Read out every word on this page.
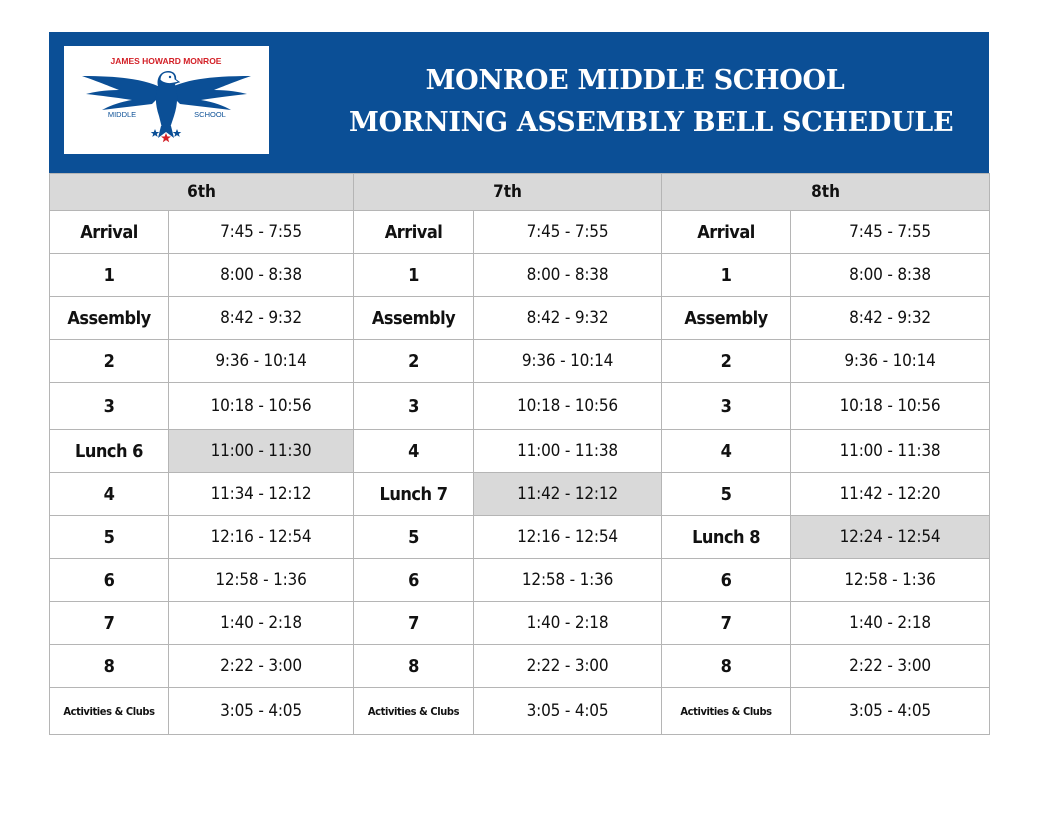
JAMES HOWARD MONROE
MIDDLE	SCHOOL
MONROE MIDDLE SCHOOL
MORNING ASSEMBLY BELL SCHEDULE
6th		7th		8th	
Arrival	7:45 - 7:55	Arrival	7:45 - 7:55	Arrival	7:45 - 7:55
1	8:00 - 8:38	1	8:00 - 8:38	1	8:00 - 8:38
Assembly	8:42 - 9:32	Assembly	8:42 - 9:32	Assembly	8:42 - 9:32
2	9:36 - 10:14	2	9:36 - 10:14	2	9:36 - 10:14
3	10:18 - 10:56	3	10:18 - 10:56	3	10:18 - 10:56
Lunch 6	11:00 - 11:30	4	11:00 - 11:38	4	11:00 - 11:38
4	11:34 - 12:12	Lunch 7	11:42 - 12:12	5	11:42 - 12:20
5	12:16 - 12:54	5	12:16 - 12:54	Lunch 8	12:24 - 12:54
6	12:58 - 1:36	6	12:58 - 1:36	6	12:58 - 1:36
7	1:40 - 2:18	7	1:40 - 2:18	7	1:40 - 2:18
8	2:22 - 3:00	8	2:22 - 3:00	8	2:22 - 3:00
Activities & Clubs	3:05 - 4:05	Activities & Clubs	3:05 - 4:05	Activities & Clubs	3:05 - 4:05
